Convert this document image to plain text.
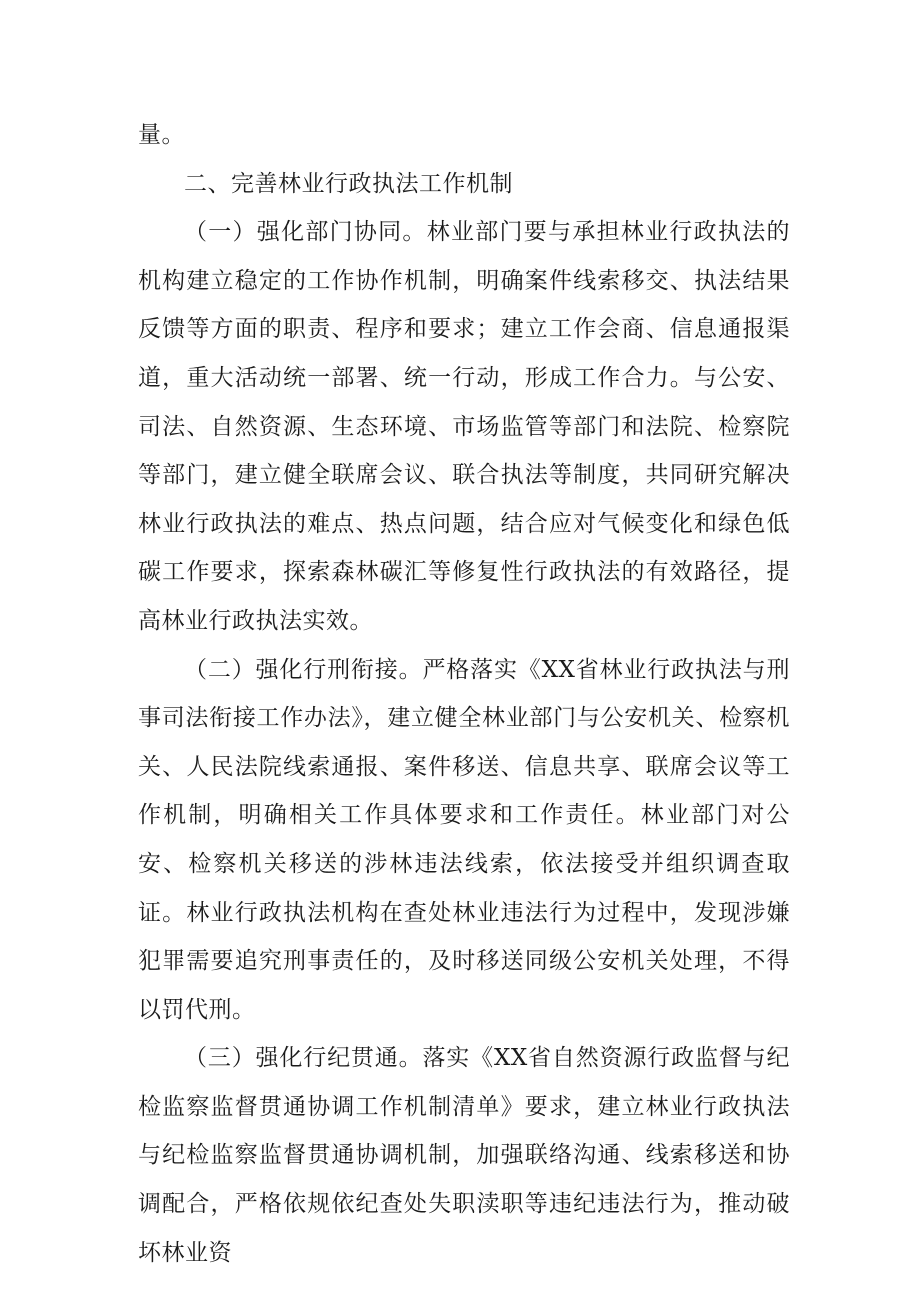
量。

二、完善林业行政执法工作机制

（一）强化部门协同。林业部门要与承担林业行政执法的机构建立稳定的工作协作机制，明确案件线索移交、执法结果反馈等方面的职责、程序和要求；建立工作会商、信息通报渠道，重大活动统一部署、统一行动，形成工作合力。与公安、司法、自然资源、生态环境、市场监管等部门和法院、检察院等部门，建立健全联席会议、联合执法等制度，共同研究解决林业行政执法的难点、热点问题，结合应对气候变化和绿色低碳工作要求，探索森林碳汇等修复性行政执法的有效路径，提高林业行政执法实效。

（二）强化行刑衔接。严格落实《XX省林业行政执法与刑事司法衔接工作办法》，建立健全林业部门与公安机关、检察机关、人民法院线索通报、案件移送、信息共享、联席会议等工作机制，明确相关工作具体要求和工作责任。林业部门对公安、检察机关移送的涉林违法线索，依法接受并组织调查取证。林业行政执法机构在查处林业违法行为过程中，发现涉嫌犯罪需要追究刑事责任的，及时移送同级公安机关处理，不得以罚代刑。

（三）强化行纪贯通。落实《XX省自然资源行政监督与纪检监察监督贯通协调工作机制清单》要求，建立林业行政执法与纪检监察监督贯通协调机制，加强联络沟通、线索移送和协调配合，严格依规依纪查处失职渎职等违纪违法行为，推动破坏林业资
